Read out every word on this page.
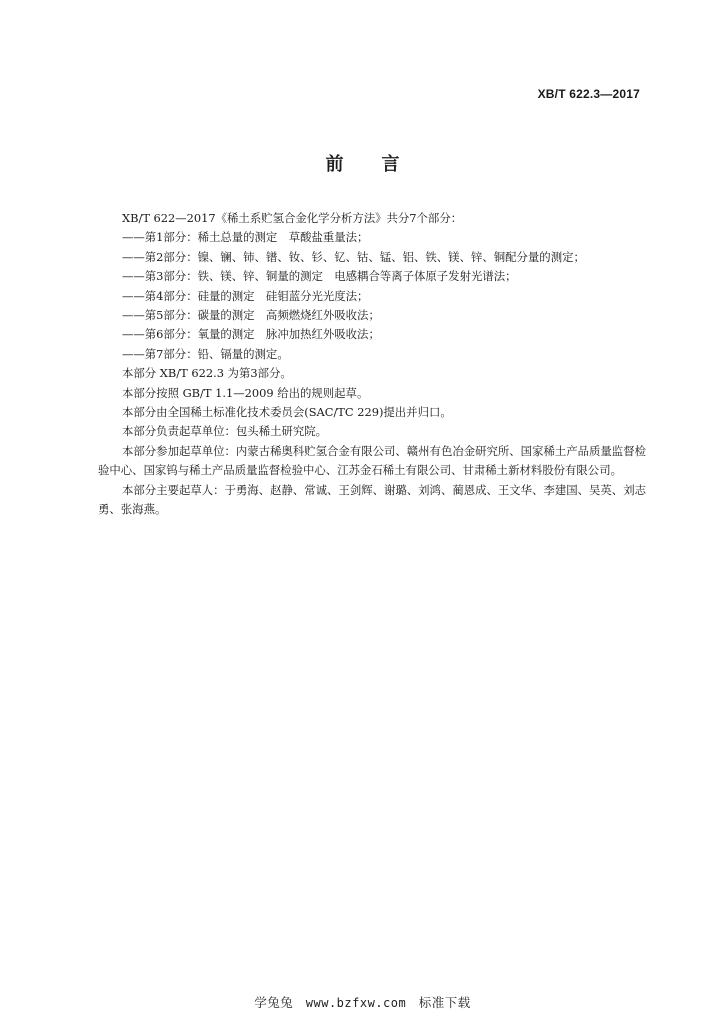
XB/T 622.3—2017
前言

XB/T 622—2017《稀土系贮氢合金化学分析方法》共分7个部分：

——第1部分：稀土总量的测定　草酸盐重量法；

——第2部分：镍、镧、铈、镨、钕、钐、钇、钴、锰、铝、铁、镁、锌、铜配分量的测定；

——第3部分：铁、镁、锌、铜量的测定　电感耦合等离子体原子发射光谱法；

——第4部分：硅量的测定　硅钼蓝分光光度法；

——第5部分：碳量的测定　高频燃烧红外吸收法；

——第6部分：氧量的测定　脉冲加热红外吸收法；

——第7部分：铅、镉量的测定。

本部分 XB/T 622.3 为第3部分。

本部分按照 GB/T 1.1—2009 给出的规则起草。

本部分由全国稀土标准化技术委员会(SAC/TC 229)提出并归口。

本部分负责起草单位：包头稀土研究院。

本部分参加起草单位：内蒙古稀奥科贮氢合金有限公司、赣州有色冶金研究所、国家稀土产品质量监督检验中心、国家钨与稀土产品质量监督检验中心、江苏金石稀土有限公司、甘肃稀土新材料股份有限公司。

本部分主要起草人：于勇海、赵静、常诚、王剑辉、谢璐、刘鸿、蔺恩成、王文华、李建国、吴英、刘志勇、张海燕。

学兔兔 www.bzfxw.com 标准下载
